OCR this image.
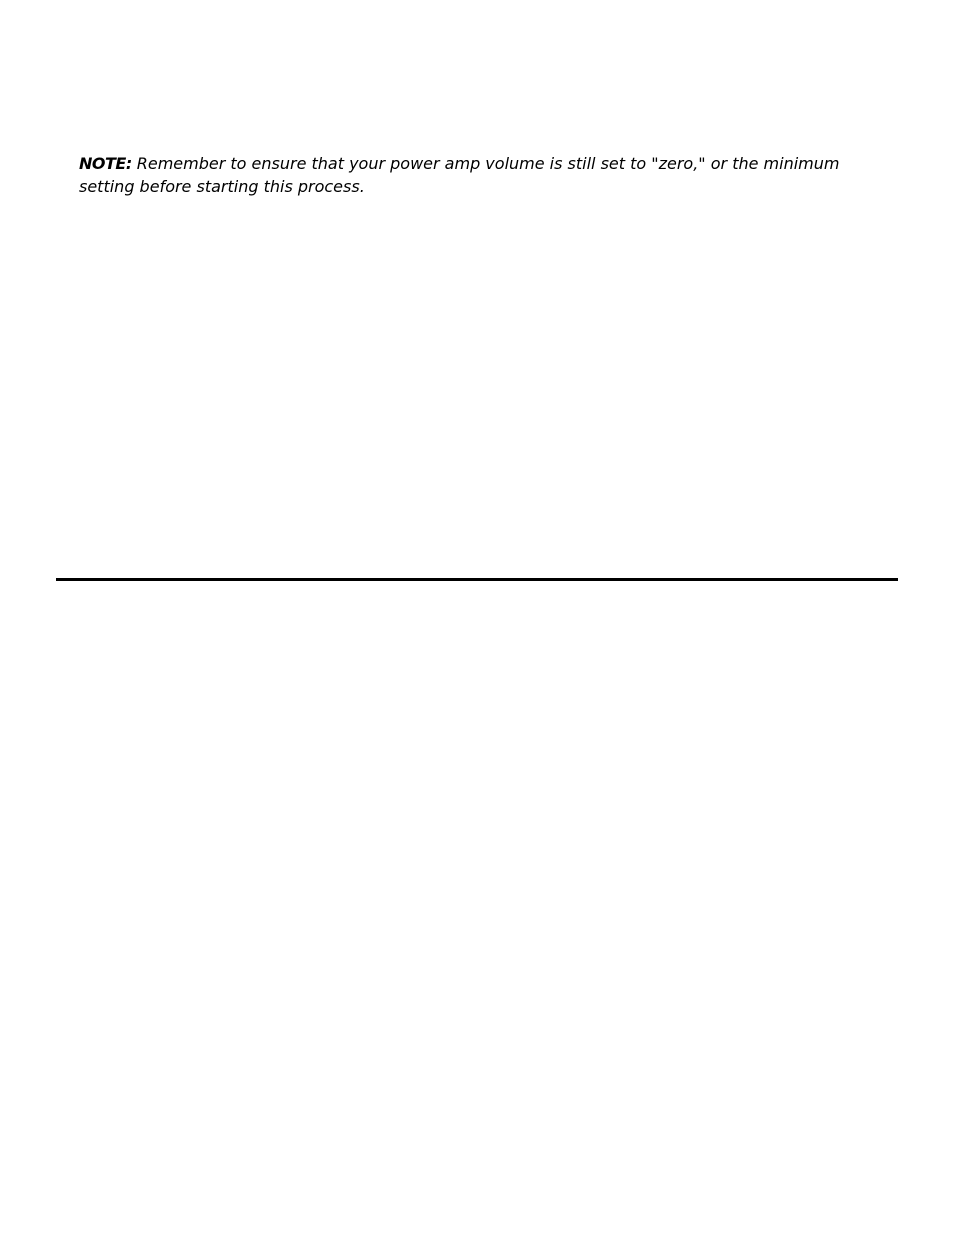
NOTE: Remember to ensure that your power amp volume is still set to "zero," or the minimum setting before starting this process.
